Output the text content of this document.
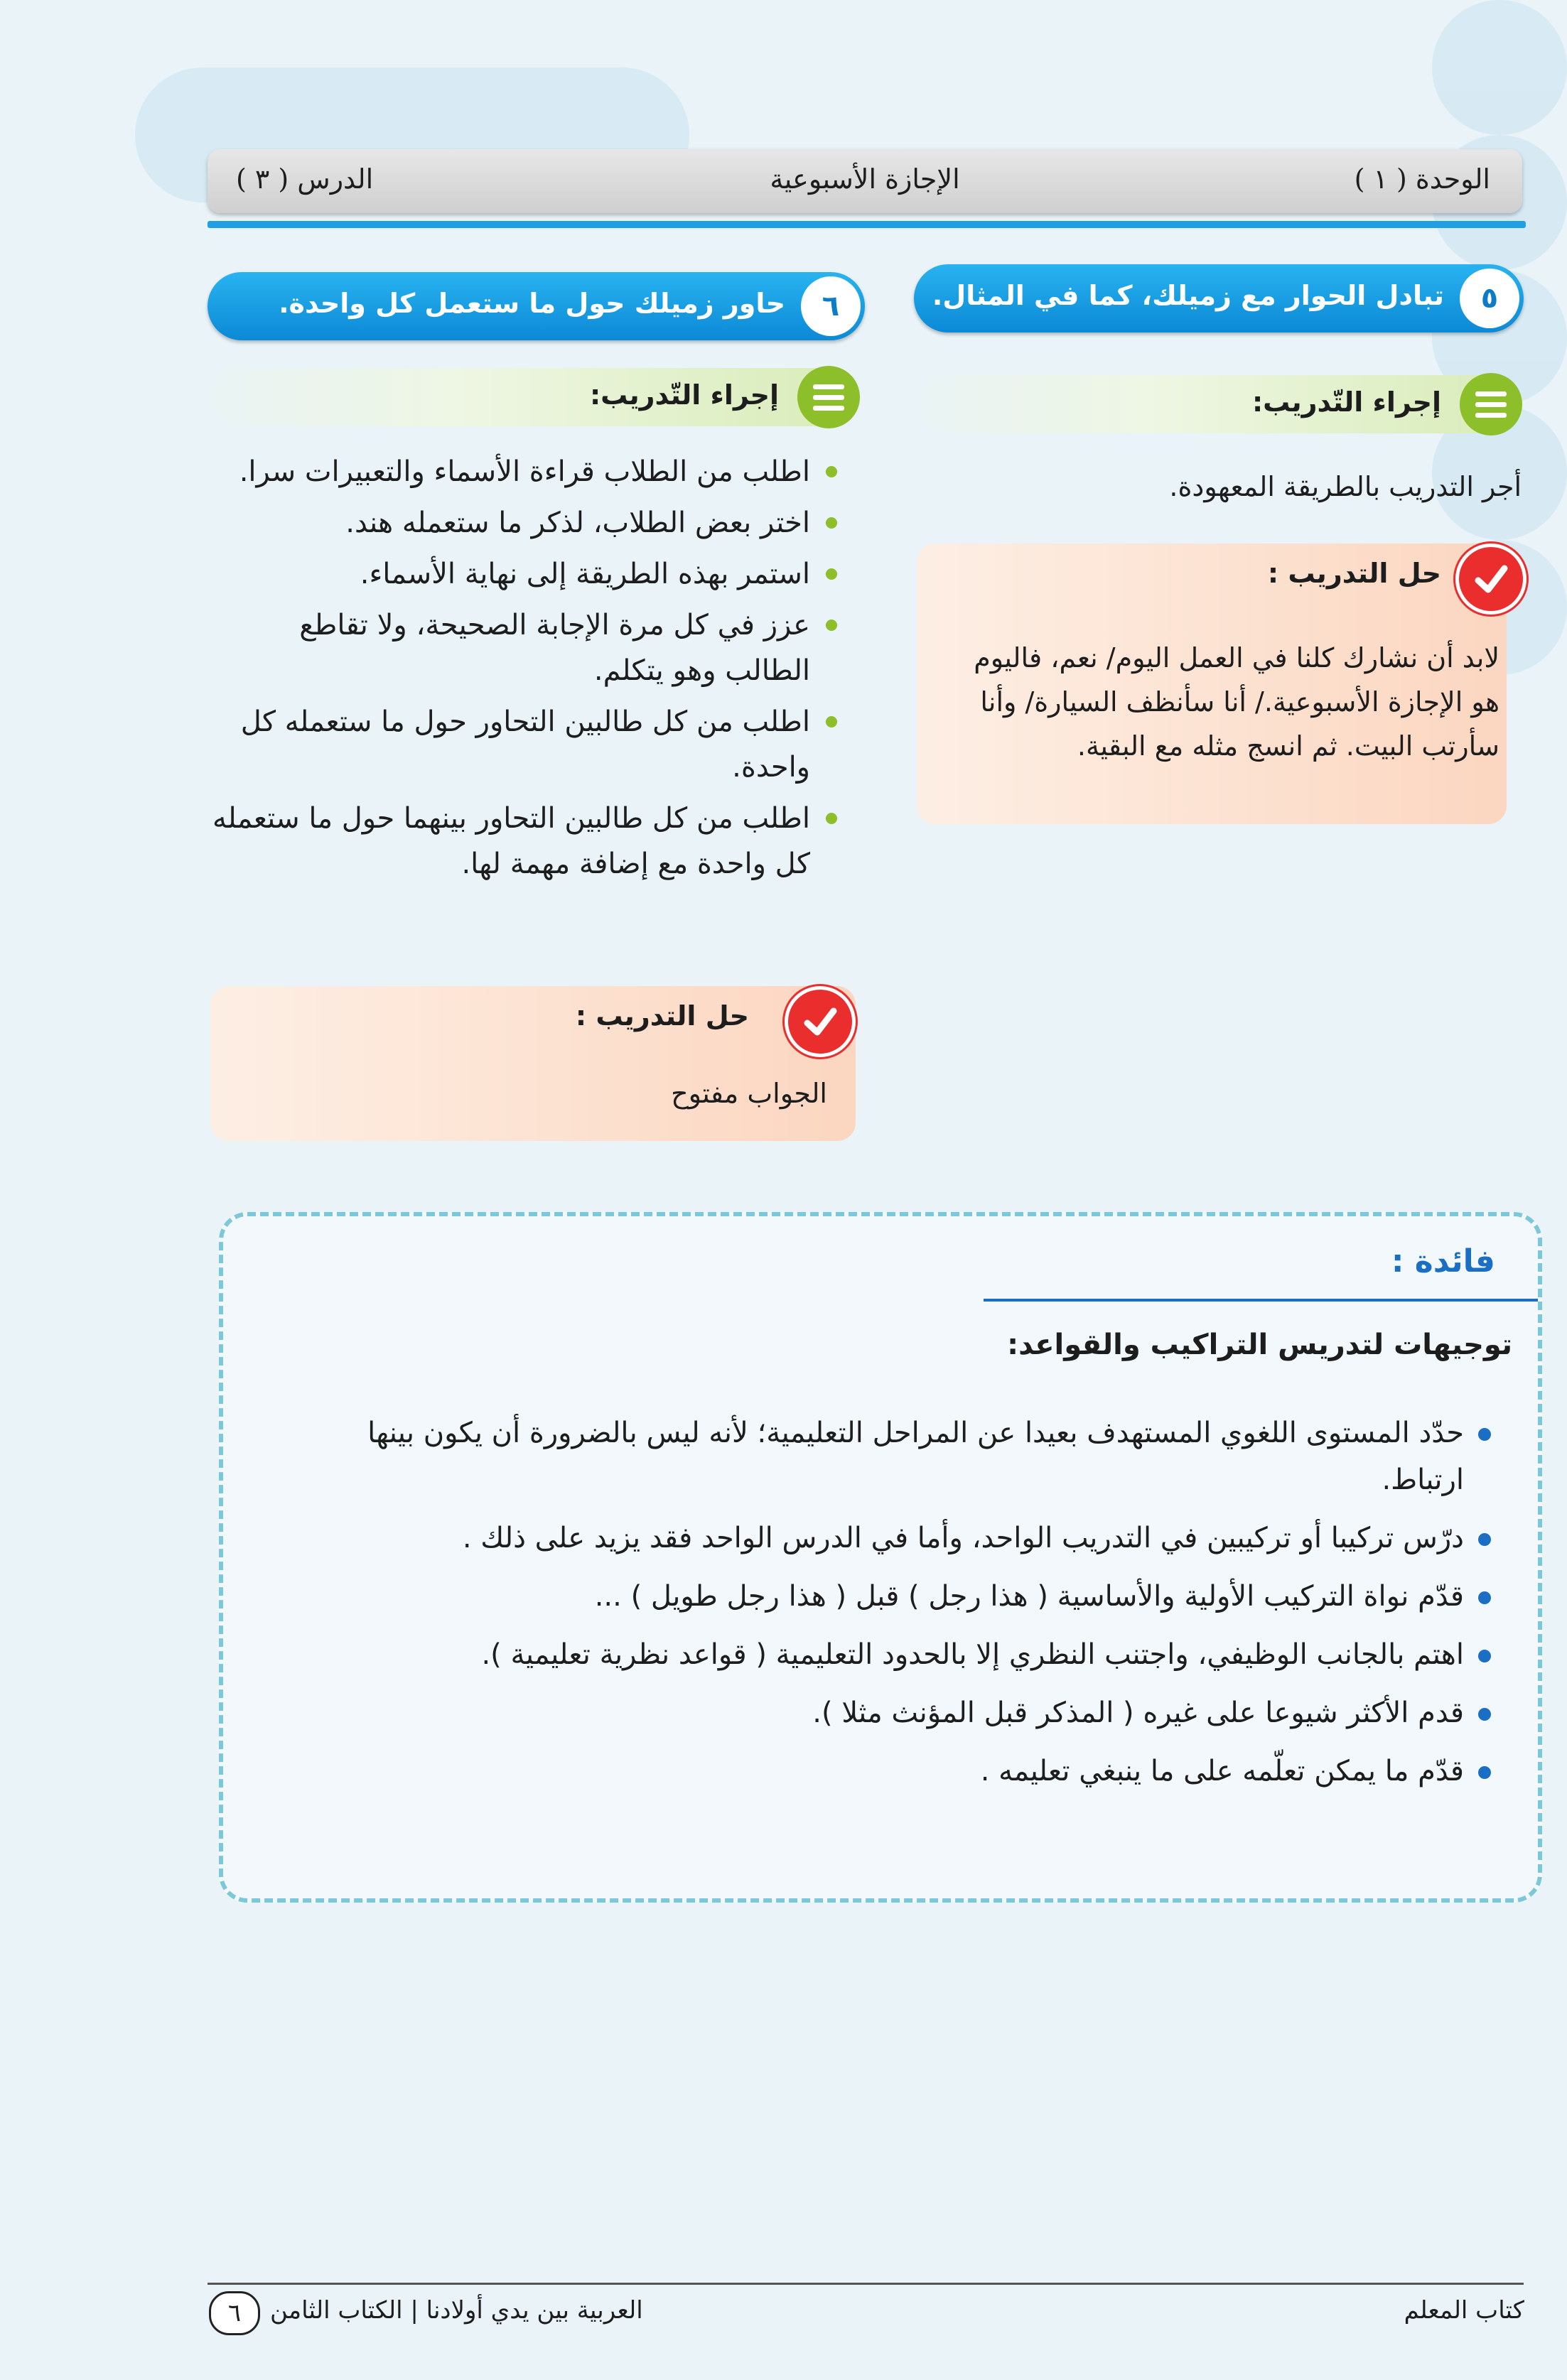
الوحدة ( ١ )
الإجازة الأسبوعية
الدرس ( ٣ )
٥
تبادل الحوار مع زميلك، كما في المثال.
إجراء التّدريب:
أجر التدريب بالطريقة المعهودة.
حل التدريب :
لابد أن نشارك كلنا في العمل اليوم/ نعم، فاليوم
هو الإجازة الأسبوعية./ أنا سأنظف السيارة/ وأنا
سأرتب البيت. ثم انسج مثله مع البقية.
٦
حاور زميلك حول ما ستعمل كل واحدة.
إجراء التّدريب:
اطلب من الطلاب قراءة الأسماء والتعبيرات سرا.
اختر بعض الطلاب، لذكر ما ستعمله هند.
استمر بهذه الطريقة إلى نهاية الأسماء.
عزز في كل مرة الإجابة الصحيحة، ولا تقاطع الطالب وهو يتكلم.
اطلب من كل طالبين التحاور حول ما ستعمله كل واحدة.
اطلب من كل طالبين التحاور بينهما حول ما ستعمله كل واحدة مع إضافة مهمة لها.
حل التدريب :
الجواب مفتوح
فائدة :
توجيهات لتدريس التراكيب والقواعد:
حدّد المستوى اللغوي المستهدف بعيدا عن المراحل التعليمية؛ لأنه ليس بالضرورة أن يكون بينها ارتباط.
درّس تركيبا أو تركيبين في التدريب الواحد، وأما في الدرس الواحد فقد يزيد على ذلك .
قدّم نواة التركيب الأولية والأساسية ( هذا رجل ) قبل ( هذا رجل طويل ) ...
اهتم بالجانب الوظيفي، واجتنب النظري إلا بالحدود التعليمية ( قواعد نظرية تعليمية ).
قدم الأكثر شيوعا على غيره ( المذكر قبل المؤنث مثلا ).
قدّم ما يمكن تعلّمه على ما ينبغي تعليمه .
كتاب المعلم
العربية بين يدي أولادنا | الكتاب الثامن
٦
